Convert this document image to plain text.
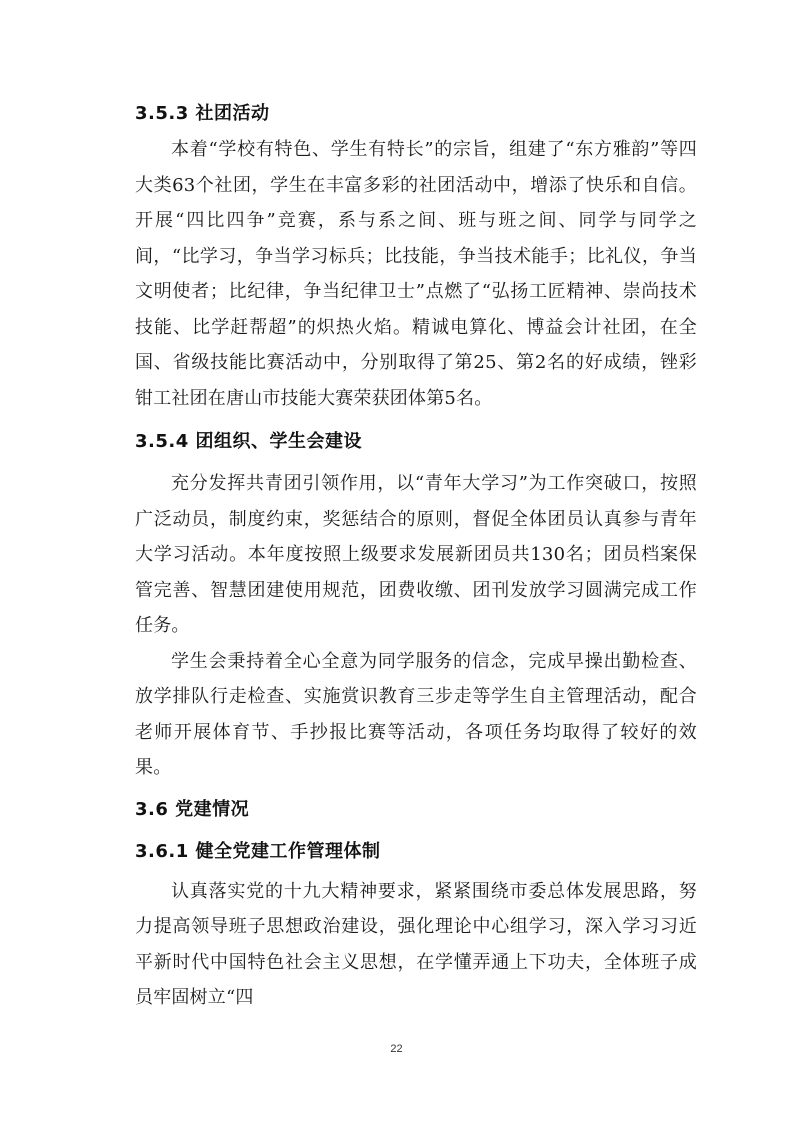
3.5.3 社团活动

本着“学校有特色、学生有特长”的宗旨，组建了“东方雅韵”等四大类63个社团，学生在丰富多彩的社团活动中，增添了快乐和自信。开展“四比四争”竞赛，系与系之间、班与班之间、同学与同学之间，“比学习，争当学习标兵；比技能，争当技术能手；比礼仪，争当文明使者；比纪律，争当纪律卫士”点燃了“弘扬工匠精神、崇尚技术技能、比学赶帮超”的炽热火焰。精诚电算化、博益会计社团，在全国、省级技能比赛活动中，分别取得了第25、第2名的好成绩，锉彩钳工社团在唐山市技能大赛荣获团体第5名。

3.5.4 团组织、学生会建设

充分发挥共青团引领作用，以“青年大学习”为工作突破口，按照广泛动员，制度约束，奖惩结合的原则，督促全体团员认真参与青年大学习活动。本年度按照上级要求发展新团员共130名；团员档案保管完善、智慧团建使用规范，团费收缴、团刊发放学习圆满完成工作任务。

学生会秉持着全心全意为同学服务的信念，完成早操出勤检查、放学排队行走检查、实施赏识教育三步走等学生自主管理活动，配合老师开展体育节、手抄报比赛等活动，各项任务均取得了较好的效果。

3.6 党建情况
3.6.1 健全党建工作管理体制

认真落实党的十九大精神要求，紧紧围绕市委总体发展思路，努力提高领导班子思想政治建设，强化理论中心组学习，深入学习习近平新时代中国特色社会主义思想，在学懂弄通上下功夫，全体班子成员牢固树立“四

22
